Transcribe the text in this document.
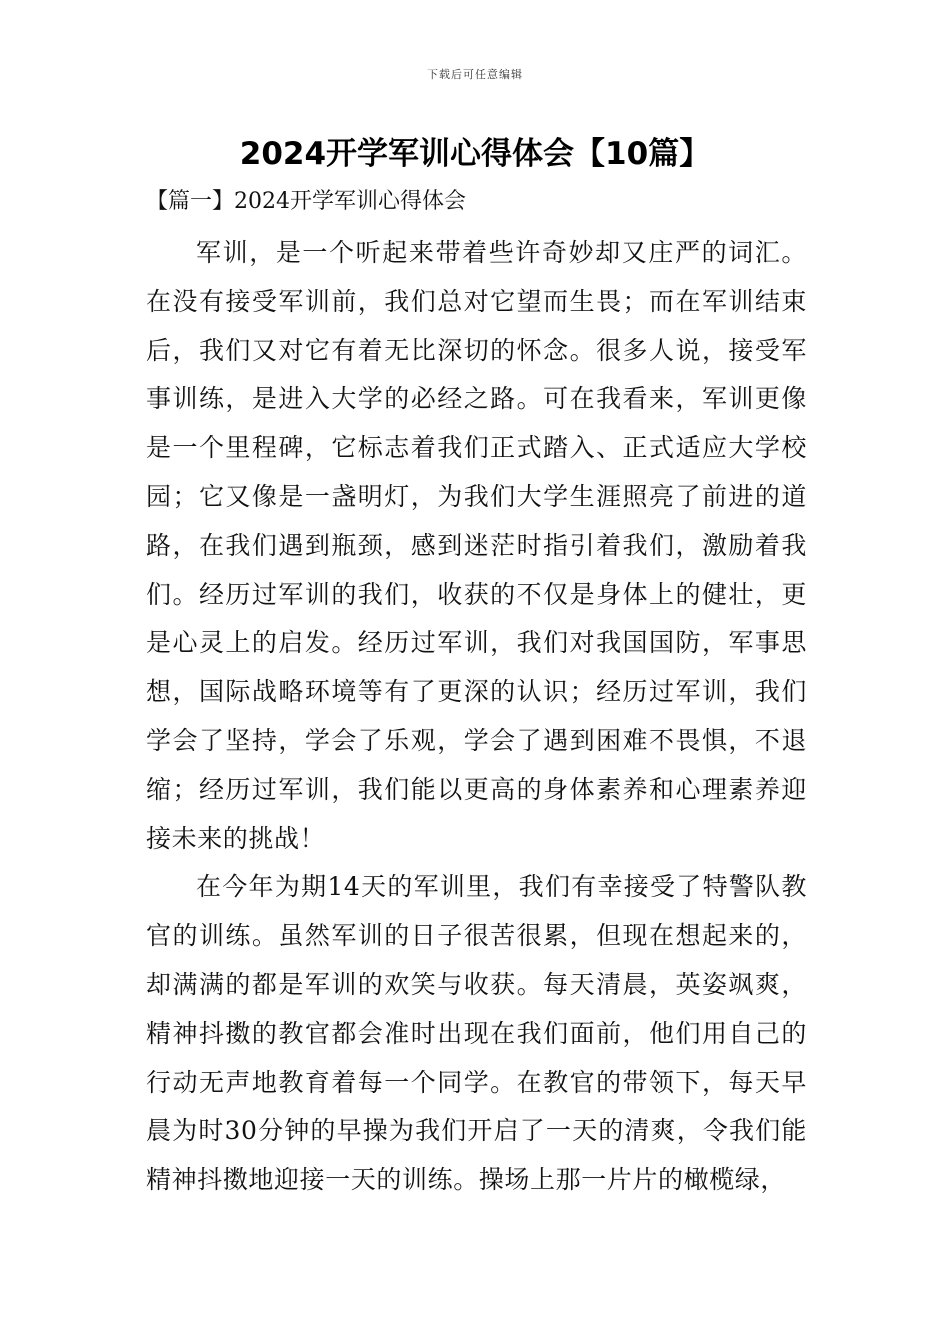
下载后可任意编辑
2024开学军训心得体会【10篇】
【篇一】2024开学军训心得体会

军训，是一个听起来带着些许奇妙却又庄严的词汇。在没有接受军训前，我们总对它望而生畏；而在军训结束后，我们又对它有着无比深切的怀念。很多人说，接受军事训练，是进入大学的必经之路。可在我看来，军训更像是一个里程碑，它标志着我们正式踏入、正式适应大学校园；它又像是一盏明灯，为我们大学生涯照亮了前进的道路，在我们遇到瓶颈，感到迷茫时指引着我们，激励着我们。经历过军训的我们，收获的不仅是身体上的健壮，更是心灵上的启发。经历过军训，我们对我国国防，军事思想，国际战略环境等有了更深的认识；经历过军训，我们学会了坚持，学会了乐观，学会了遇到困难不畏惧，不退缩；经历过军训，我们能以更高的身体素养和心理素养迎接未来的挑战！

在今年为期14天的军训里，我们有幸接受了特警队教官的训练。虽然军训的日子很苦很累，但现在想起来的，却满满的都是军训的欢笑与收获。每天清晨，英姿飒爽，精神抖擞的教官都会准时出现在我们面前，他们用自己的行动无声地教育着每一个同学。在教官的带领下，每天早晨为时30分钟的早操为我们开启了一天的清爽，令我们能精神抖擞地迎接一天的训练。操场上那一片片的橄榄绿，
